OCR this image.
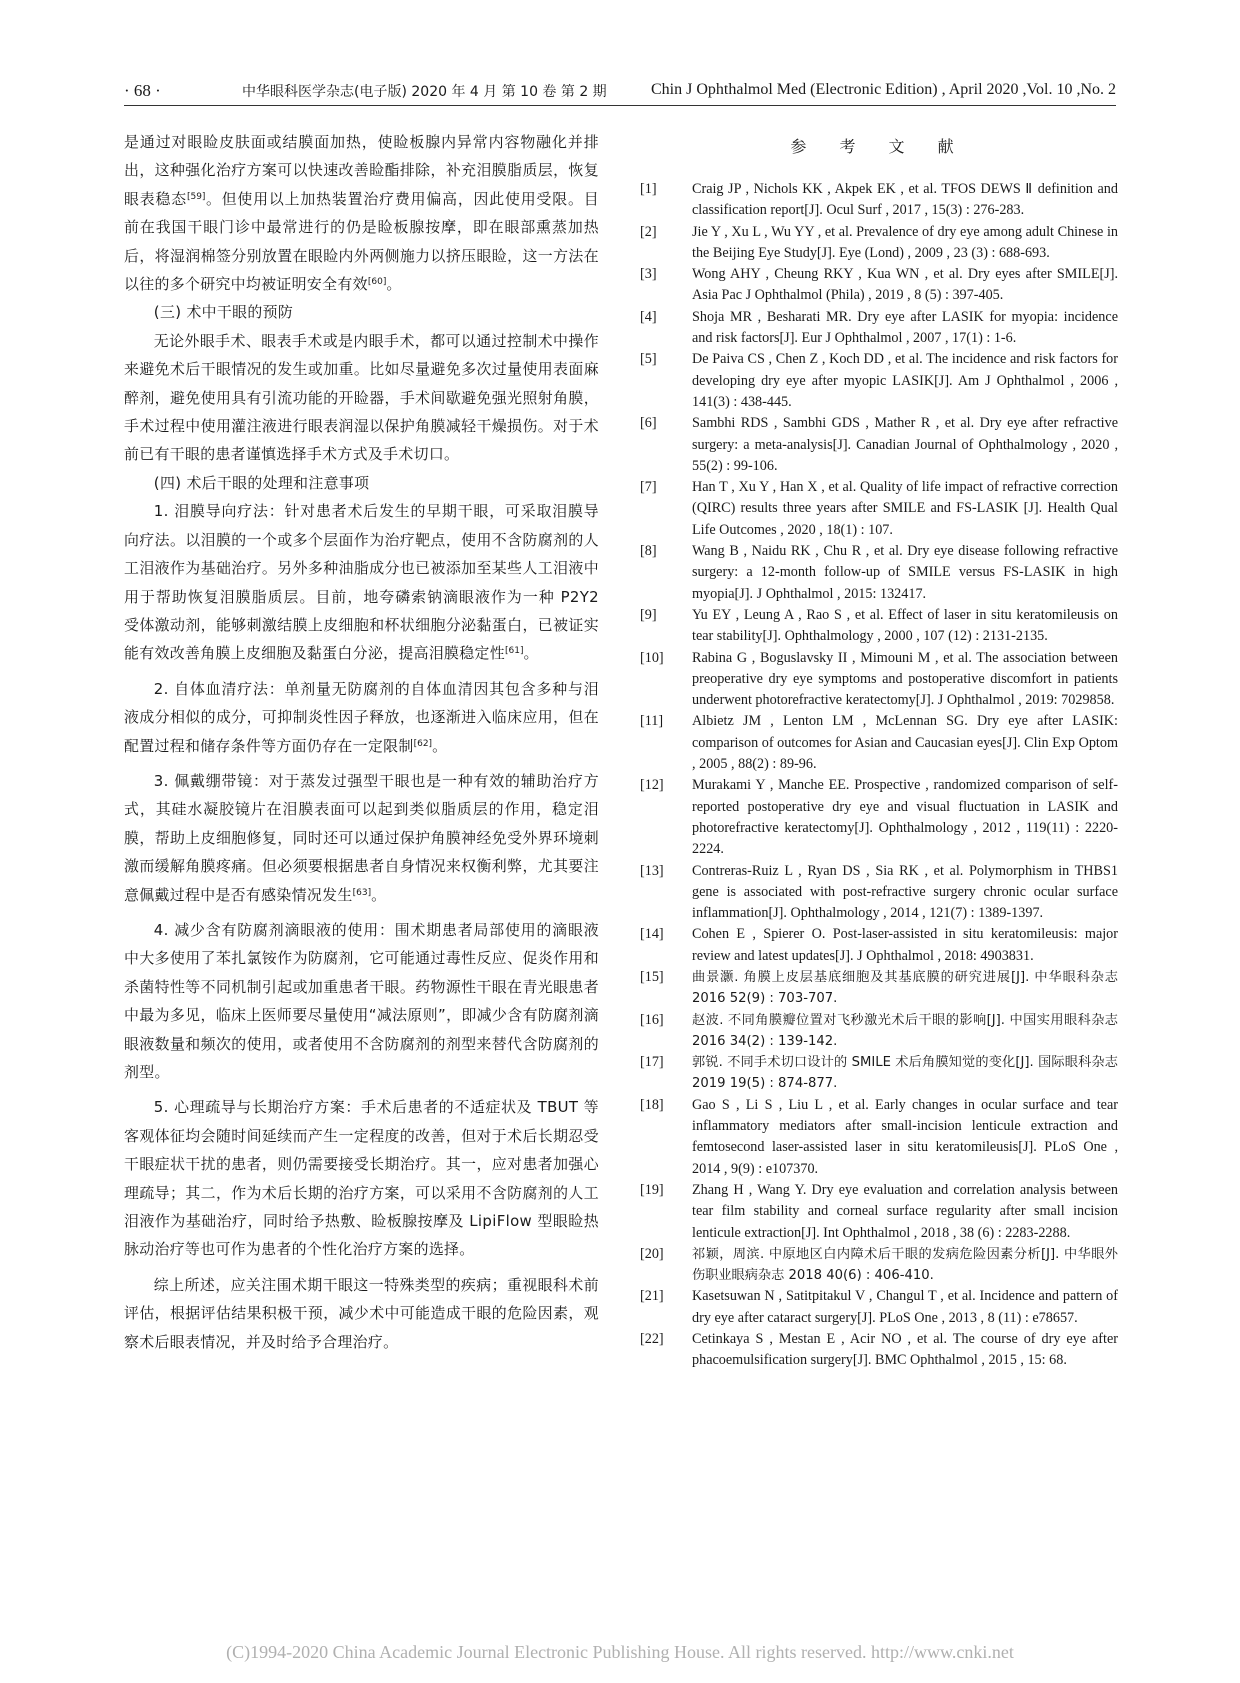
· 68 ·	中华眼科医学杂志(电子版) 2020 年 4 月 第 10 卷 第 2 期	Chin J Ophthalmol Med (Electronic Edition) , April 2020 ,Vol. 10 ,No. 2

是通过对眼睑皮肤面或结膜面加热，使睑板腺内异常内容物融化并排出，这种强化治疗方案可以快速改善睑酯排除，补充泪膜脂质层，恢复眼表稳态[59]。但使用以上加热装置治疗费用偏高，因此使用受限。目前在我国干眼门诊中最常进行的仍是睑板腺按摩，即在眼部熏蒸加热后，将湿润棉签分别放置在眼睑内外两侧施力以挤压眼睑，这一方法在以往的多个研究中均被证明安全有效[60]。

(三) 术中干眼的预防

无论外眼手术、眼表手术或是内眼手术，都可以通过控制术中操作来避免术后干眼情况的发生或加重。比如尽量避免多次过量使用表面麻醉剂，避免使用具有引流功能的开睑器，手术间歇避免强光照射角膜，手术过程中使用灌注液进行眼表润湿以保护角膜减轻干燥损伤。对于术前已有干眼的患者谨慎选择手术方式及手术切口。

(四) 术后干眼的处理和注意事项

1. 泪膜导向疗法：针对患者术后发生的早期干眼，可采取泪膜导向疗法。以泪膜的一个或多个层面作为治疗靶点，使用不含防腐剂的人工泪液作为基础治疗。另外多种油脂成分也已被添加至某些人工泪液中用于帮助恢复泪膜脂质层。目前，地夸磷索钠滴眼液作为一种 P2Y2 受体激动剂，能够刺激结膜上皮细胞和杯状细胞分泌黏蛋白，已被证实能有效改善角膜上皮细胞及黏蛋白分泌，提高泪膜稳定性[61]。

2. 自体血清疗法：单剂量无防腐剂的自体血清因其包含多种与泪液成分相似的成分，可抑制炎性因子释放，也逐渐进入临床应用，但在配置过程和储存条件等方面仍存在一定限制[62]。

3. 佩戴绷带镜：对于蒸发过强型干眼也是一种有效的辅助治疗方式，其硅水凝胶镜片在泪膜表面可以起到类似脂质层的作用，稳定泪膜，帮助上皮细胞修复，同时还可以通过保护角膜神经免受外界环境刺激而缓解角膜疼痛。但必须要根据患者自身情况来权衡利弊，尤其要注意佩戴过程中是否有感染情况发生[63]。

4. 减少含有防腐剂滴眼液的使用：围术期患者局部使用的滴眼液中大多使用了苯扎氯铵作为防腐剂，它可能通过毒性反应、促炎作用和杀菌特性等不同机制引起或加重患者干眼。药物源性干眼在青光眼患者中最为多见，临床上医师要尽量使用“减法原则”，即减少含有防腐剂滴眼液数量和频次的使用，或者使用不含防腐剂的剂型来替代含防腐剂的剂型。

5. 心理疏导与长期治疗方案：手术后患者的不适症状及 TBUT 等客观体征均会随时间延续而产生一定程度的改善，但对于术后长期忍受干眼症状干扰的患者，则仍需要接受长期治疗。其一，应对患者加强心理疏导；其二，作为术后长期的治疗方案，可以采用不含防腐剂的人工泪液作为基础治疗，同时给予热敷、睑板腺按摩及 LipiFlow 型眼睑热脉动治疗等也可作为患者的个性化治疗方案的选择。

综上所述，应关注围术期干眼这一特殊类型的疾病；重视眼科术前评估，根据评估结果积极干预，减少术中可能造成干眼的危险因素，观察术后眼表情况，并及时给予合理治疗。

参 考 文 献
[1]	Craig JP , Nichols KK , Akpek EK , et al. TFOS DEWS Ⅱ definition and classification report[J]. Ocul Surf , 2017 , 15(3) : 276-283.
[2]	Jie Y , Xu L , Wu YY , et al. Prevalence of dry eye among adult Chinese in the Beijing Eye Study[J]. Eye (Lond) , 2009 , 23 (3) : 688-693.
[3]	Wong AHY , Cheung RKY , Kua WN , et al. Dry eyes after SMILE[J]. Asia Pac J Ophthalmol (Phila) , 2019 , 8 (5) : 397-405.
[4]	Shoja MR , Besharati MR. Dry eye after LASIK for myopia: incidence and risk factors[J]. Eur J Ophthalmol , 2007 , 17(1) : 1-6.
[5]	De Paiva CS , Chen Z , Koch DD , et al. The incidence and risk factors for developing dry eye after myopic LASIK[J]. Am J Ophthalmol , 2006 , 141(3) : 438-445.
[6]	Sambhi RDS , Sambhi GDS , Mather R , et al. Dry eye after refractive surgery: a meta-analysis[J]. Canadian Journal of Ophthalmology , 2020 , 55(2) : 99-106.
[7]	Han T , Xu Y , Han X , et al. Quality of life impact of refractive correction (QIRC) results three years after SMILE and FS-LASIK [J]. Health Qual Life Outcomes , 2020 , 18(1) : 107.
[8]	Wang B , Naidu RK , Chu R , et al. Dry eye disease following refractive surgery: a 12-month follow-up of SMILE versus FS-LASIK in high myopia[J]. J Ophthalmol , 2015: 132417.
[9]	Yu EY , Leung A , Rao S , et al. Effect of laser in situ keratomileusis on tear stability[J]. Ophthalmology , 2000 , 107 (12) : 2131-2135.
[10]	Rabina G , Boguslavsky II , Mimouni M , et al. The association between preoperative dry eye symptoms and postoperative discomfort in patients underwent photorefractive keratectomy[J]. J Ophthalmol , 2019: 7029858.
[11]	Albietz JM , Lenton LM , McLennan SG. Dry eye after LASIK: comparison of outcomes for Asian and Caucasian eyes[J]. Clin Exp Optom , 2005 , 88(2) : 89-96.
[12]	Murakami Y , Manche EE. Prospective , randomized comparison of self-reported postoperative dry eye and visual fluctuation in LASIK and photorefractive keratectomy[J]. Ophthalmology , 2012 , 119(11) : 2220-2224.
[13]	Contreras-Ruiz L , Ryan DS , Sia RK , et al. Polymorphism in THBS1 gene is associated with post-refractive surgery chronic ocular surface inflammation[J]. Ophthalmology , 2014 , 121(7) : 1389-1397.
[14]	Cohen E , Spierer O. Post-laser-assisted in situ keratomileusis: major review and latest updates[J]. J Ophthalmol , 2018: 4903831.
[15]	曲景灏. 角膜上皮层基底细胞及其基底膜的研究进展[J]. 中华眼科杂志 2016 52(9) : 703-707.
[16]	赵波. 不同角膜瓣位置对飞秒激光术后干眼的影响[J]. 中国实用眼科杂志 2016 34(2) : 139-142.
[17]	郭锐. 不同手术切口设计的 SMILE 术后角膜知觉的变化[J]. 国际眼科杂志 2019 19(5) : 874-877.
[18]	Gao S , Li S , Liu L , et al. Early changes in ocular surface and tear inflammatory mediators after small-incision lenticule extraction and femtosecond laser-assisted laser in situ keratomileusis[J]. PLoS One , 2014 , 9(9) : e107370.
[19]	Zhang H , Wang Y. Dry eye evaluation and correlation analysis between tear film stability and corneal surface regularity after small incision lenticule extraction[J]. Int Ophthalmol , 2018 , 38 (6) : 2283-2288.
[20]	祁颖，周滨. 中原地区白内障术后干眼的发病危险因素分析[J]. 中华眼外伤职业眼病杂志 2018 40(6) : 406-410.
[21]	Kasetsuwan N , Satitpitakul V , Changul T , et al. Incidence and pattern of dry eye after cataract surgery[J]. PLoS One , 2013 , 8 (11) : e78657.
[22]	Cetinkaya S , Mestan E , Acir NO , et al. The course of dry eye after phacoemulsification surgery[J]. BMC Ophthalmol , 2015 , 15: 68.
(C)1994-2020 China Academic Journal Electronic Publishing House. All rights reserved. http://www.cnki.net
